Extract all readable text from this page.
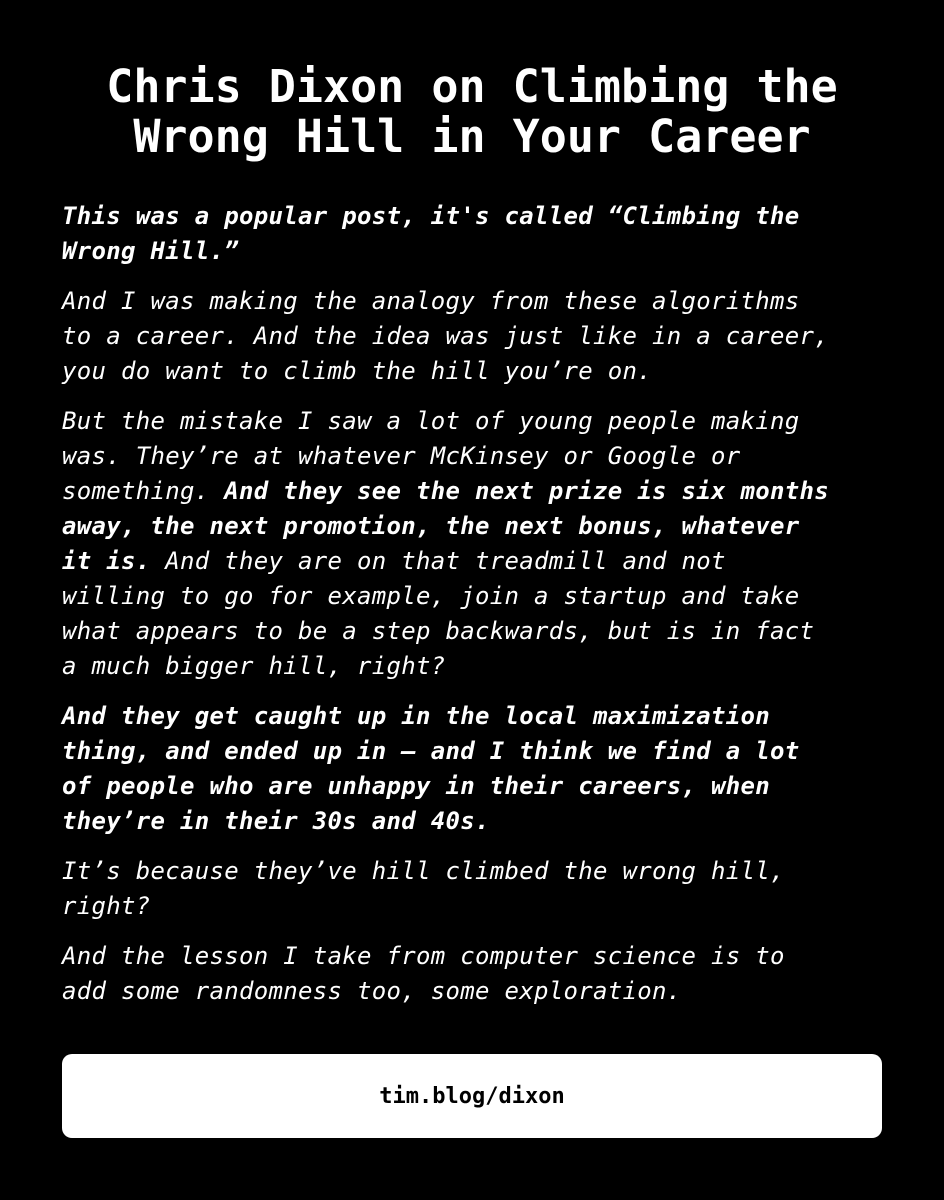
Chris Dixon on Climbing the
Wrong Hill in Your Career

This was a popular post, it's called “Climbing the
Wrong Hill.”

And I was making the analogy from these algorithms
to a career. And the idea was just like in a career,
you do want to climb the hill you’re on.

But the mistake I saw a lot of young people making
was. They’re at whatever McKinsey or Google or
something. And they see the next prize is six months
away, the next promotion, the next bonus, whatever
it is. And they are on that treadmill and not
willing to go for example, join a startup and take
what appears to be a step backwards, but is in fact
a much bigger hill, right?

And they get caught up in the local maximization
thing, and ended up in – and I think we find a lot
of people who are unhappy in their careers, when
they’re in their 30s and 40s.

It’s because they’ve hill climbed the wrong hill,
right?

And the lesson I take from computer science is to
add some randomness too, some exploration.

tim.blog/dixon
